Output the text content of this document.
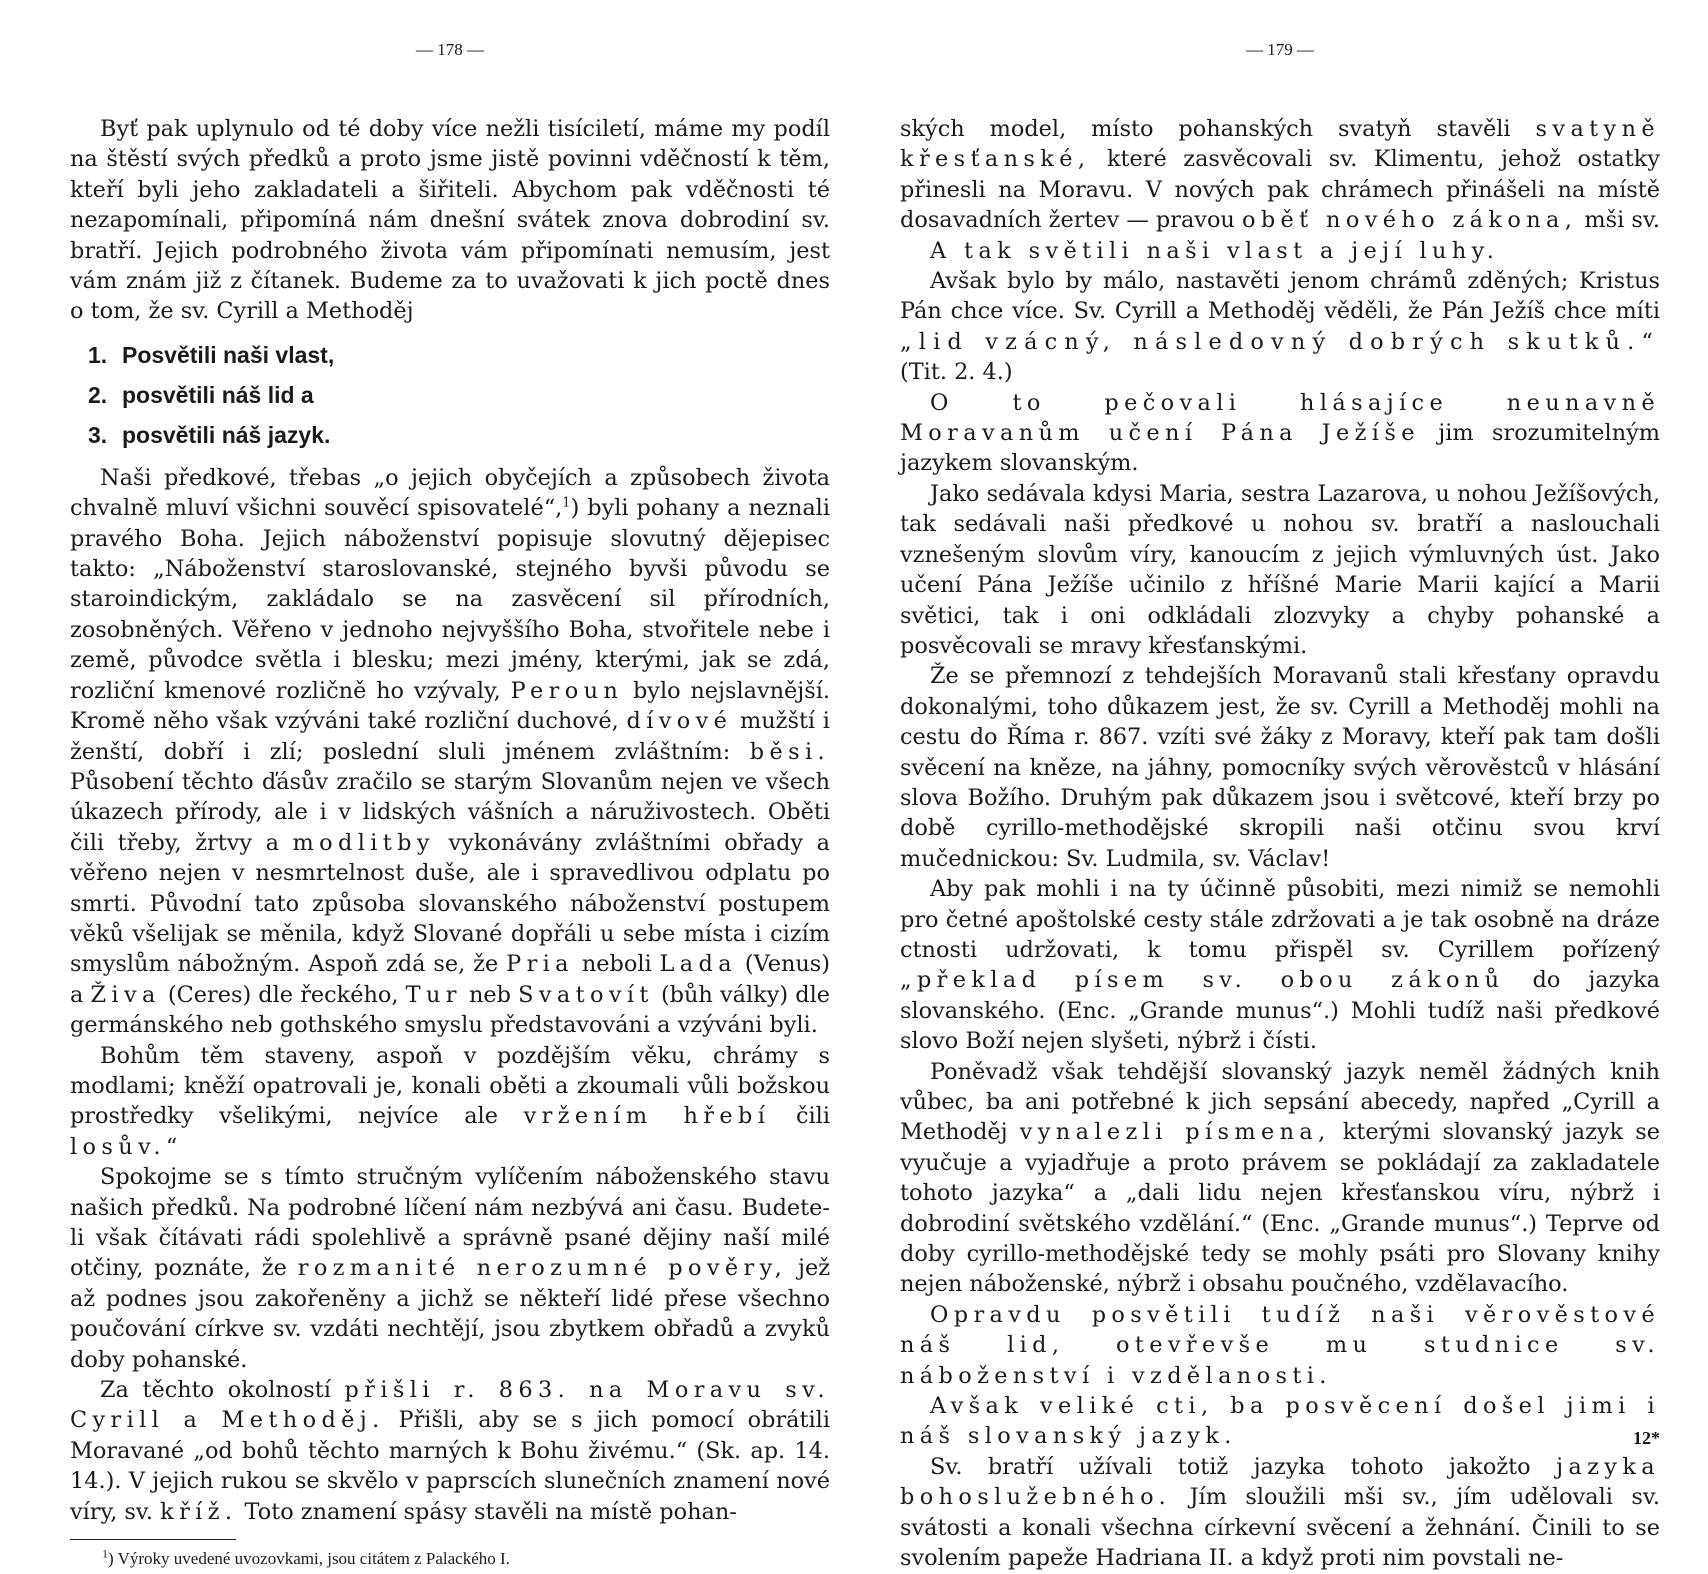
— 178 —

Byť pak uplynulo od té doby více nežli tisíciletí, máme my podíl na štěstí svých předků a proto jsme jistě povinni vděčností k těm, kteří byli jeho zakladateli a šiřiteli. Abychom pak vděčnosti té nezapomínali, připomíná nám dnešní svátek znova dobrodiní sv. bratří. Jejich podrobného života vám připomínati nemusím, jest vám znám již z čítanek. Budeme za to uvažovati k jich poctě dnes o tom, že sv. Cyrill a Methoděj

1. Posvětili naši vlast,
2. posvětili náš lid a
3. posvětili náš jazyk.

Naši předkové, třebas „o jejich obyčejích a způsobech života chvalně mluví všichni souvěcí spisovatelé“,$^1$) byli pohany a neznali pravého Boha. Jejich náboženství popisuje slovutný dějepisec takto: „Náboženství staroslovanské, stejného byvši původu se staroindickým, zakládalo se na zasvěcení sil přírodních, zosobněných. Věřeno v jednoho nejvyššího Boha, stvořitele nebe i země, původce světla i blesku; mezi jmény, kterými, jak se zdá, rozliční kmenové rozličně ho vzývaly, Peroun bylo nejslavnější. Kromě něho však vzýváni také rozliční duchové, dívové mužští i ženští, dobří i zlí; poslední sluli jménem zvláštním: běsi. Působení těchto ďásův zračilo se starým Slovanům nejen ve všech úkazech přírody, ale i v lidských vášních a náruživostech. Oběti čili třeby, žrtvy a modlitby vykonávány zvláštními obřady a věřeno nejen v nesmrtelnost duše, ale i spravedlivou odplatu po smrti. Původní tato způsoba slovanského náboženství postupem věků všelijak se měnila, když Slované dopřáli u sebe místa i cizím smyslům nábožným. Aspoň zdá se, že Pria neboli Lada (Venus) a Živa (Ceres) dle řeckého, Tur neb Svatovít (bůh války) dle germánského neb gothského smyslu představováni a vzýváni byli.

Bohům těm staveny, aspoň v pozdějším věku, chrámy s modlami; kněží opatrovali je, konali oběti a zkoumali vůli božskou prostředky všelikými, nejvíce ale vržením hřebí čili losův.“

Spokojme se s tímto stručným vylíčením náboženského stavu našich předků. Na podrobné líčení nám nezbývá ani času. Budete-li však čítávati rádi spolehlivě a správně psané dějiny naší milé otčiny, poznáte, že rozmanité nerozumné pověry, jež až podnes jsou zakořeněny a jichž se někteří lidé přese všechno poučování církve sv. vzdáti nechtějí, jsou zbytkem obřadů a zvyků doby pohanské.

Za těchto okolností přišli r. 863. na Moravu sv. Cyrill a Methoděj. Přišli, aby se s jich pomocí obrátili Moravané „od bohů těchto marných k Bohu živému.“ (Sk. ap. 14. 14.). V jejich rukou se skvělo v paprscích slunečních znamení nové víry, sv. kříž. Toto znamení spásy stavěli na místě pohan-

$^1$) Výroky uvedené uvozovkami, jsou citátem z Palackého I.
— 179 —

ských model, místo pohanských svatyň stavěli svatyně křesťanské, které zasvěcovali sv. Klimentu, jehož ostatky přinesli na Moravu. V nových pak chrámech přinášeli na místě dosavadních žertev — pravou oběť nového zákona, mši sv.

A tak světili naši vlast a její luhy.

Avšak bylo by málo, nastavěti jenom chrámů zděných; Kristus Pán chce více. Sv. Cyrill a Methoděj věděli, že Pán Ježíš chce míti „lid vzácný, následovný dobrých skutků.“ (Tit. 2. 4.)

O to pečovali hlásajíce neunavně Moravanům učení Pána Ježíše jim srozumitelným jazykem slovanským.

Jako sedávala kdysi Maria, sestra Lazarova, u nohou Ježíšových, tak sedávali naši předkové u nohou sv. bratří a naslouchali vznešeným slovům víry, kanoucím z jejich výmluvných úst. Jako učení Pána Ježíše učinilo z hříšné Marie Marii kající a Marii světici, tak i oni odkládali zlozvyky a chyby pohanské a posvěcovali se mravy křesťanskými.

Že se přemnozí z tehdejších Moravanů stali křesťany opravdu dokonalými, toho důkazem jest, že sv. Cyrill a Methoděj mohli na cestu do Říma r. 867. vzíti své žáky z Moravy, kteří pak tam došli svěcení na kněze, na jáhny, pomocníky svých věrověstců v hlásání slova Božího. Druhým pak důkazem jsou i světcové, kteří brzy po době cyrillo-methodějské skropili naši otčinu svou krví mučednickou: Sv. Ludmila, sv. Václav!

Aby pak mohli i na ty účinně působiti, mezi nimiž se nemohli pro četné apoštolské cesty stále zdržovati a je tak osobně na dráze ctnosti udržovati, k tomu přispěl sv. Cyrillem pořízený „překlad písem sv. obou zákonů do jazyka slovanského. (Enc. „Grande munus“.) Mohli tudíž naši předkové slovo Boží nejen slyšeti, nýbrž i čísti.

Poněvadž však tehdější slovanský jazyk neměl žádných knih vůbec, ba ani potřebné k jich sepsání abecedy, napřed „Cyrill a Methoděj vynalezli písmena, kterými slovanský jazyk se vyučuje a vyjadřuje a proto právem se pokládají za zakladatele tohoto jazyka“ a „dali lidu nejen křesťanskou víru, nýbrž i dobrodiní světského vzdělání.“ (Enc. „Grande munus“.) Teprve od doby cyrillo-methodějské tedy se mohly psáti pro Slovany knihy nejen náboženské, nýbrž i obsahu poučného, vzdělavacího.

Opravdu posvětili tudíž naši věrověstové náš lid, otevřevše mu studnice sv. náboženství i vzdělanosti.

Avšak veliké cti, ba posvěcení došel jimi i náš slovanský jazyk.

Sv. bratří užívali totiž jazyka tohoto jakožto jazyka bohoslužebného. Jím sloužili mši sv., jím udělovali sv. svátosti a konali všechna církevní svěcení a žehnání. Činili to se svolením papeže Hadriana II. a když proti nim povstali ne-

12*
